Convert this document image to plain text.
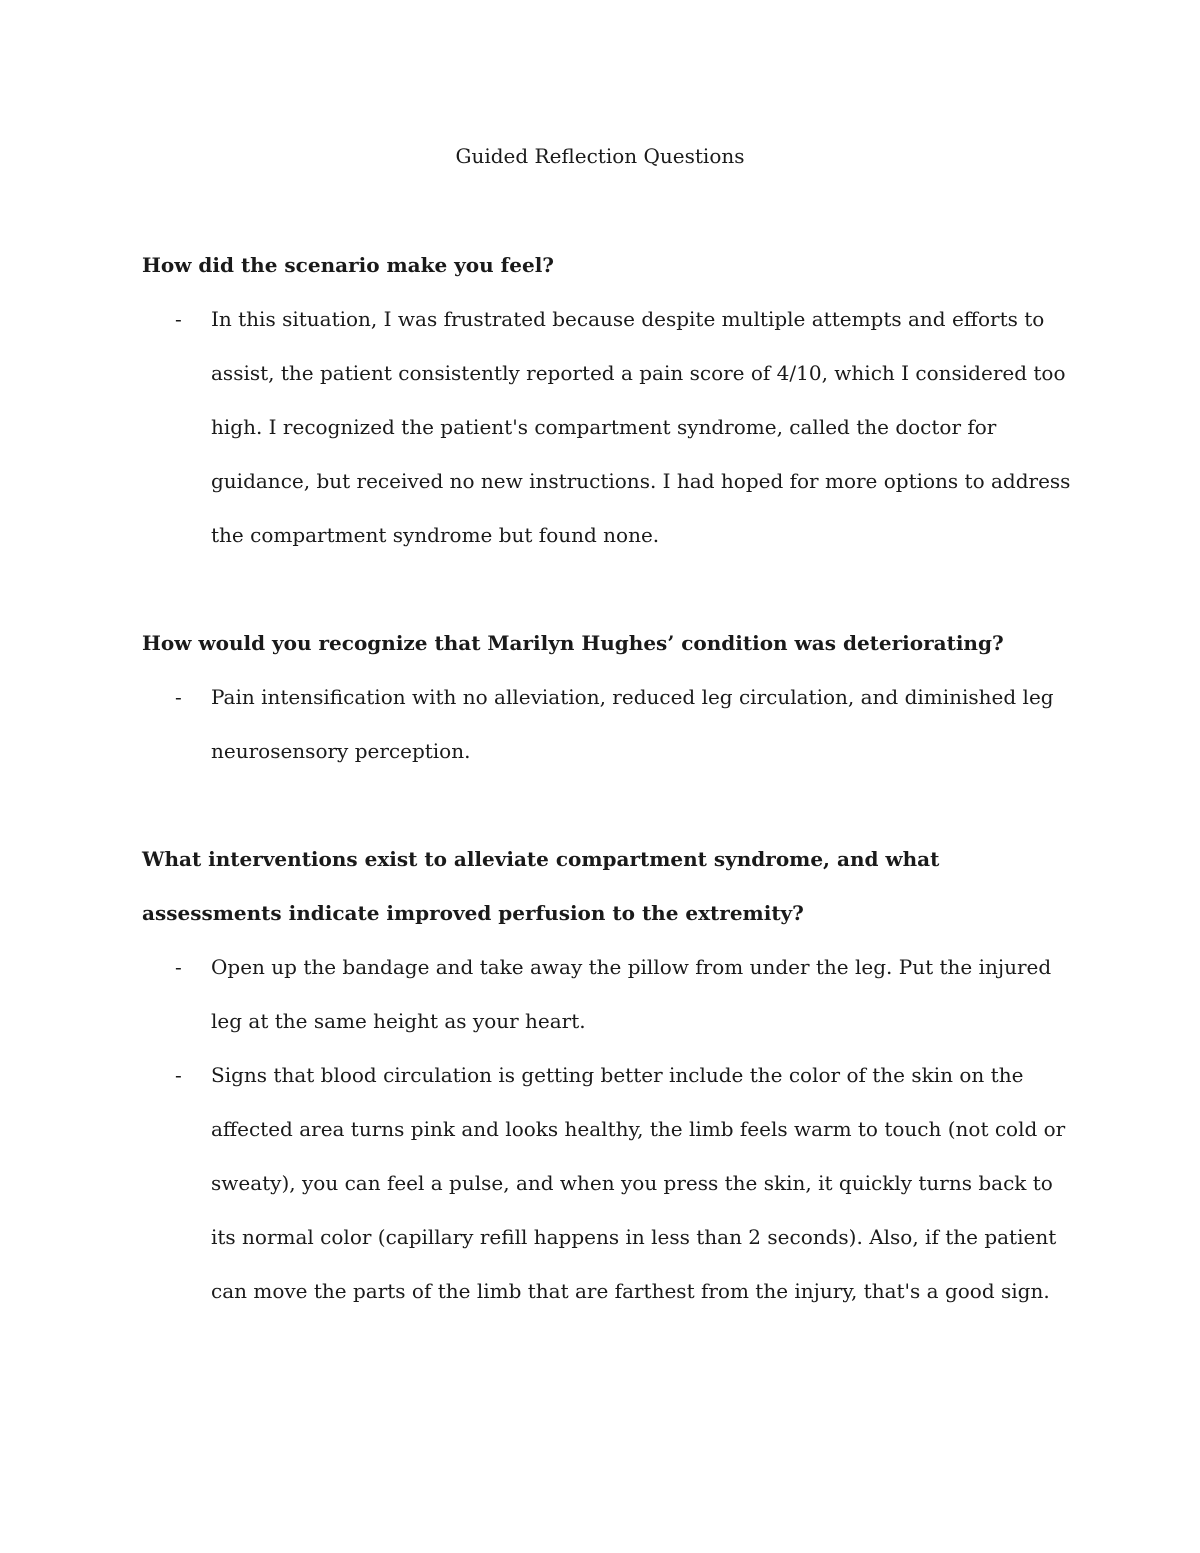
Guided Reflection Questions

How did the scenario make you feel?

- In this situation, I was frustrated because despite multiple attempts and efforts to assist, the patient consistently reported a pain score of 4/10, which I considered too high. I recognized the patient's compartment syndrome, called the doctor for guidance, but received no new instructions. I had hoped for more options to address the compartment syndrome but found none.

How would you recognize that Marilyn Hughes’ condition was deteriorating?

- Pain intensification with no alleviation, reduced leg circulation, and diminished leg neurosensory perception.

What interventions exist to alleviate compartment syndrome, and what assessments indicate improved perfusion to the extremity?

- Open up the bandage and take away the pillow from under the leg. Put the injured leg at the same height as your heart.
- Signs that blood circulation is getting better include the color of the skin on the affected area turns pink and looks healthy, the limb feels warm to touch (not cold or sweaty), you can feel a pulse, and when you press the skin, it quickly turns back to its normal color (capillary refill happens in less than 2 seconds). Also, if the patient can move the parts of the limb that are farthest from the injury, that's a good sign.
